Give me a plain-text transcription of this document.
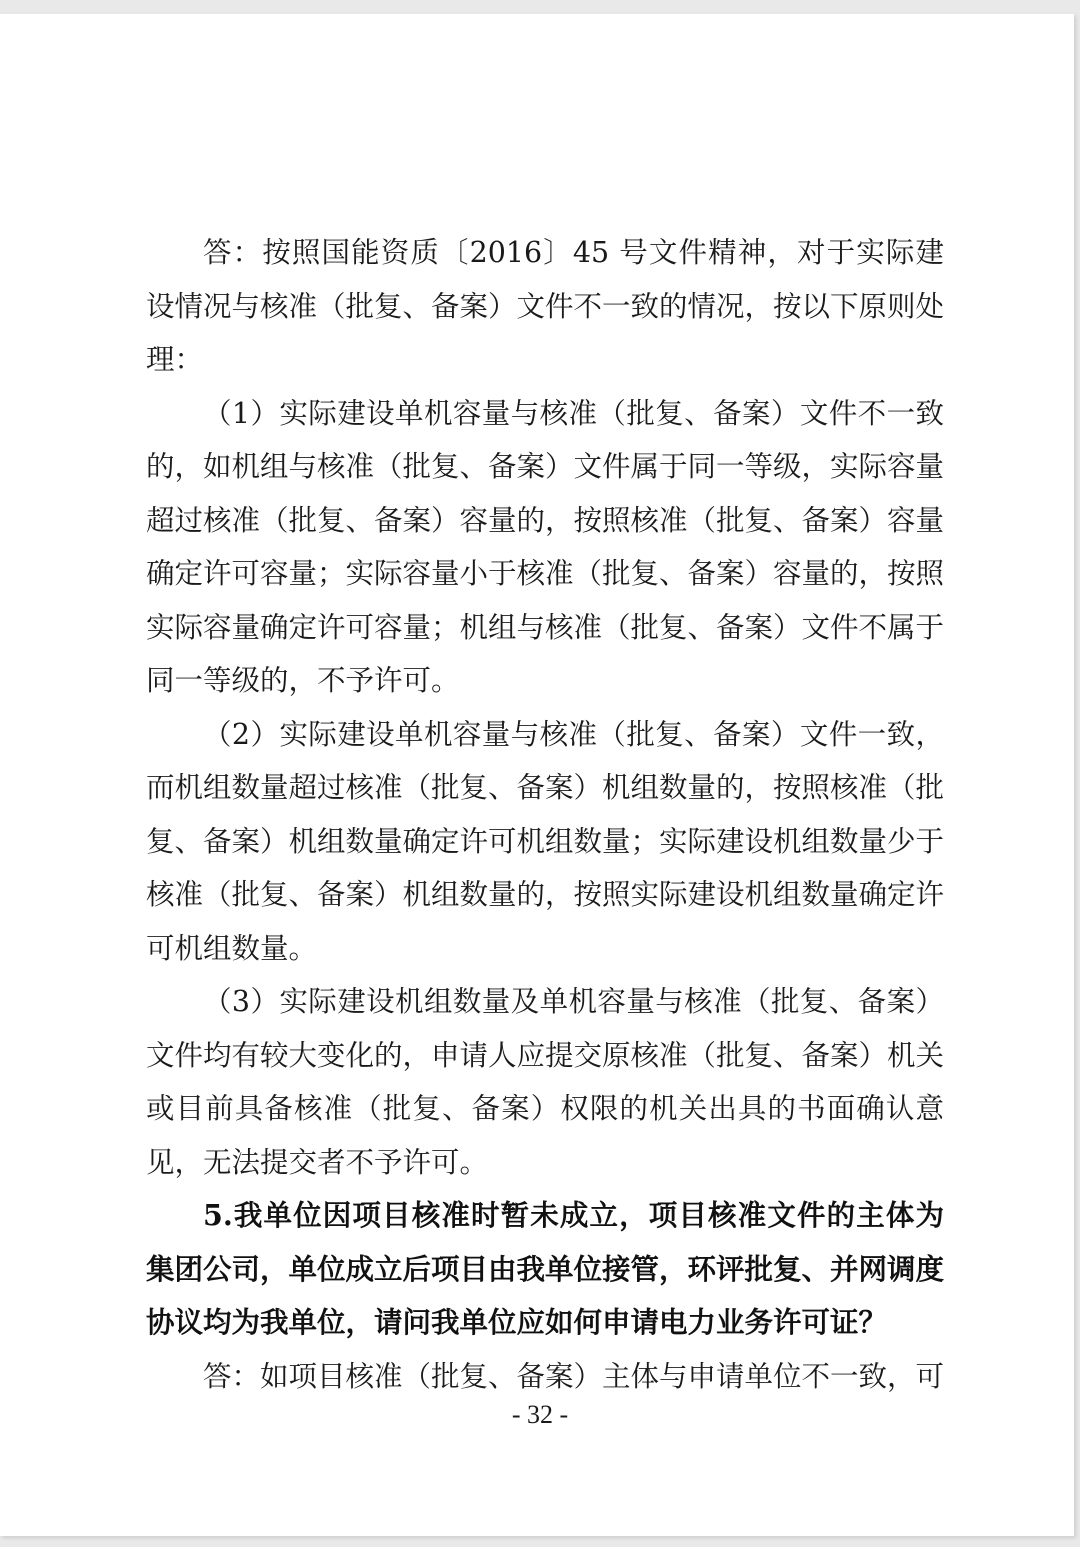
答：按照国能资质〔2016〕45 号文件精神，对于实际建设情况与核准（批复、备案）文件不一致的情况，按以下原则处理：

（1）实际建设单机容量与核准（批复、备案）文件不一致的，如机组与核准（批复、备案）文件属于同一等级，实际容量超过核准（批复、备案）容量的，按照核准（批复、备案）容量确定许可容量；实际容量小于核准（批复、备案）容量的，按照实际容量确定许可容量；机组与核准（批复、备案）文件不属于同一等级的，不予许可。

（2）实际建设单机容量与核准（批复、备案）文件一致，而机组数量超过核准（批复、备案）机组数量的，按照核准（批复、备案）机组数量确定许可机组数量；实际建设机组数量少于核准（批复、备案）机组数量的，按照实际建设机组数量确定许可机组数量。

（3）实际建设机组数量及单机容量与核准（批复、备案）文件均有较大变化的，申请人应提交原核准（批复、备案）机关或目前具备核准（批复、备案）权限的机关出具的书面确认意见，无法提交者不予许可。

5.我单位因项目核准时暂未成立，项目核准文件的主体为集团公司，单位成立后项目由我单位接管，环评批复、并网调度协议均为我单位，请问我单位应如何申请电力业务许可证？

答：如项目核准（批复、备案）主体与申请单位不一致，可

- 32 -
